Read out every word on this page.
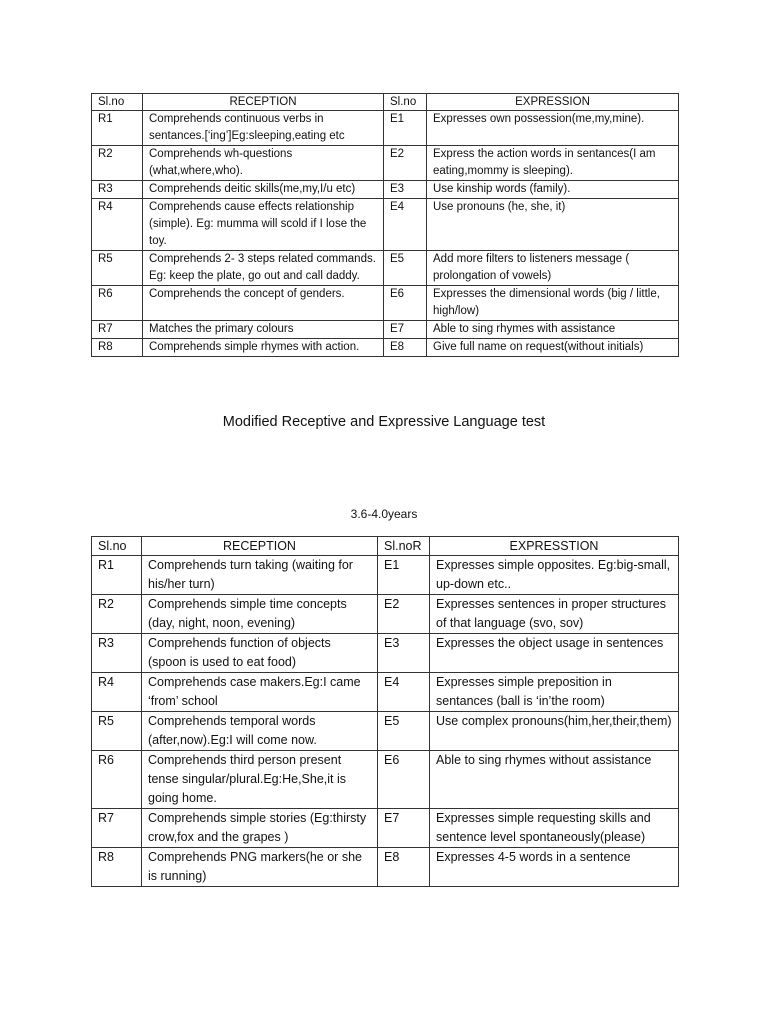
Sl.no	RECEPTION	Sl.no	EXPRESSION
R1	Comprehends continuous verbs in sentances.[‘ing’]Eg:sleeping,eating etc	E1	Expresses own possession(me,my,mine).
R2	Comprehends wh-questions (what,where,who).	E2	Express the action words in sentances(I am eating,mommy is sleeping).
R3	Comprehends deitic skills(me,my,I/u etc)	E3	Use kinship words (family).
R4	Comprehends cause effects relationship (simple). Eg: mumma will scold if I lose the toy.	E4	Use pronouns (he, she, it)
R5	Comprehends 2- 3 steps related commands. Eg: keep the plate, go out and call daddy.	E5	Add more filters to listeners message ( prolongation of vowels)
R6	Comprehends the concept of genders.	E6	Expresses the dimensional words (big / little, high/low)
R7	Matches the primary colours	E7	Able to sing rhymes with assistance
R8	Comprehends simple rhymes with action.	E8	Give full name on request(without initials)
Modified Receptive and Expressive Language test
3.6-4.0years
Sl.no	RECEPTION	Sl.noR	EXPRESSTION
R1	Comprehends turn taking (waiting for his/her turn)	E1	Expresses simple opposites. Eg:big-small, up-down etc..
R2	Comprehends simple time concepts (day, night, noon, evening)	E2	Expresses sentences in proper structures of that language (svo, sov)
R3	Comprehends function of objects (spoon is used to eat food)	E3	Expresses the object usage in sentences
R4	Comprehends case makers.Eg:I came ‘from’ school	E4	Expresses simple preposition in sentances (ball is ‘in’the room)
R5	Comprehends temporal words (after,now).Eg:I will come now.	E5	Use complex pronouns(him,her,their,them)
R6	Comprehends third person present tense singular/plural.Eg:He,She,it is going home.	E6	Able to sing rhymes without assistance
R7	Comprehends simple stories (Eg:thirsty crow,fox and the grapes )	E7	Expresses simple requesting skills and sentence level spontaneously(please)
R8	Comprehends PNG markers(he or she is running)	E8	Expresses 4-5 words in a sentence
